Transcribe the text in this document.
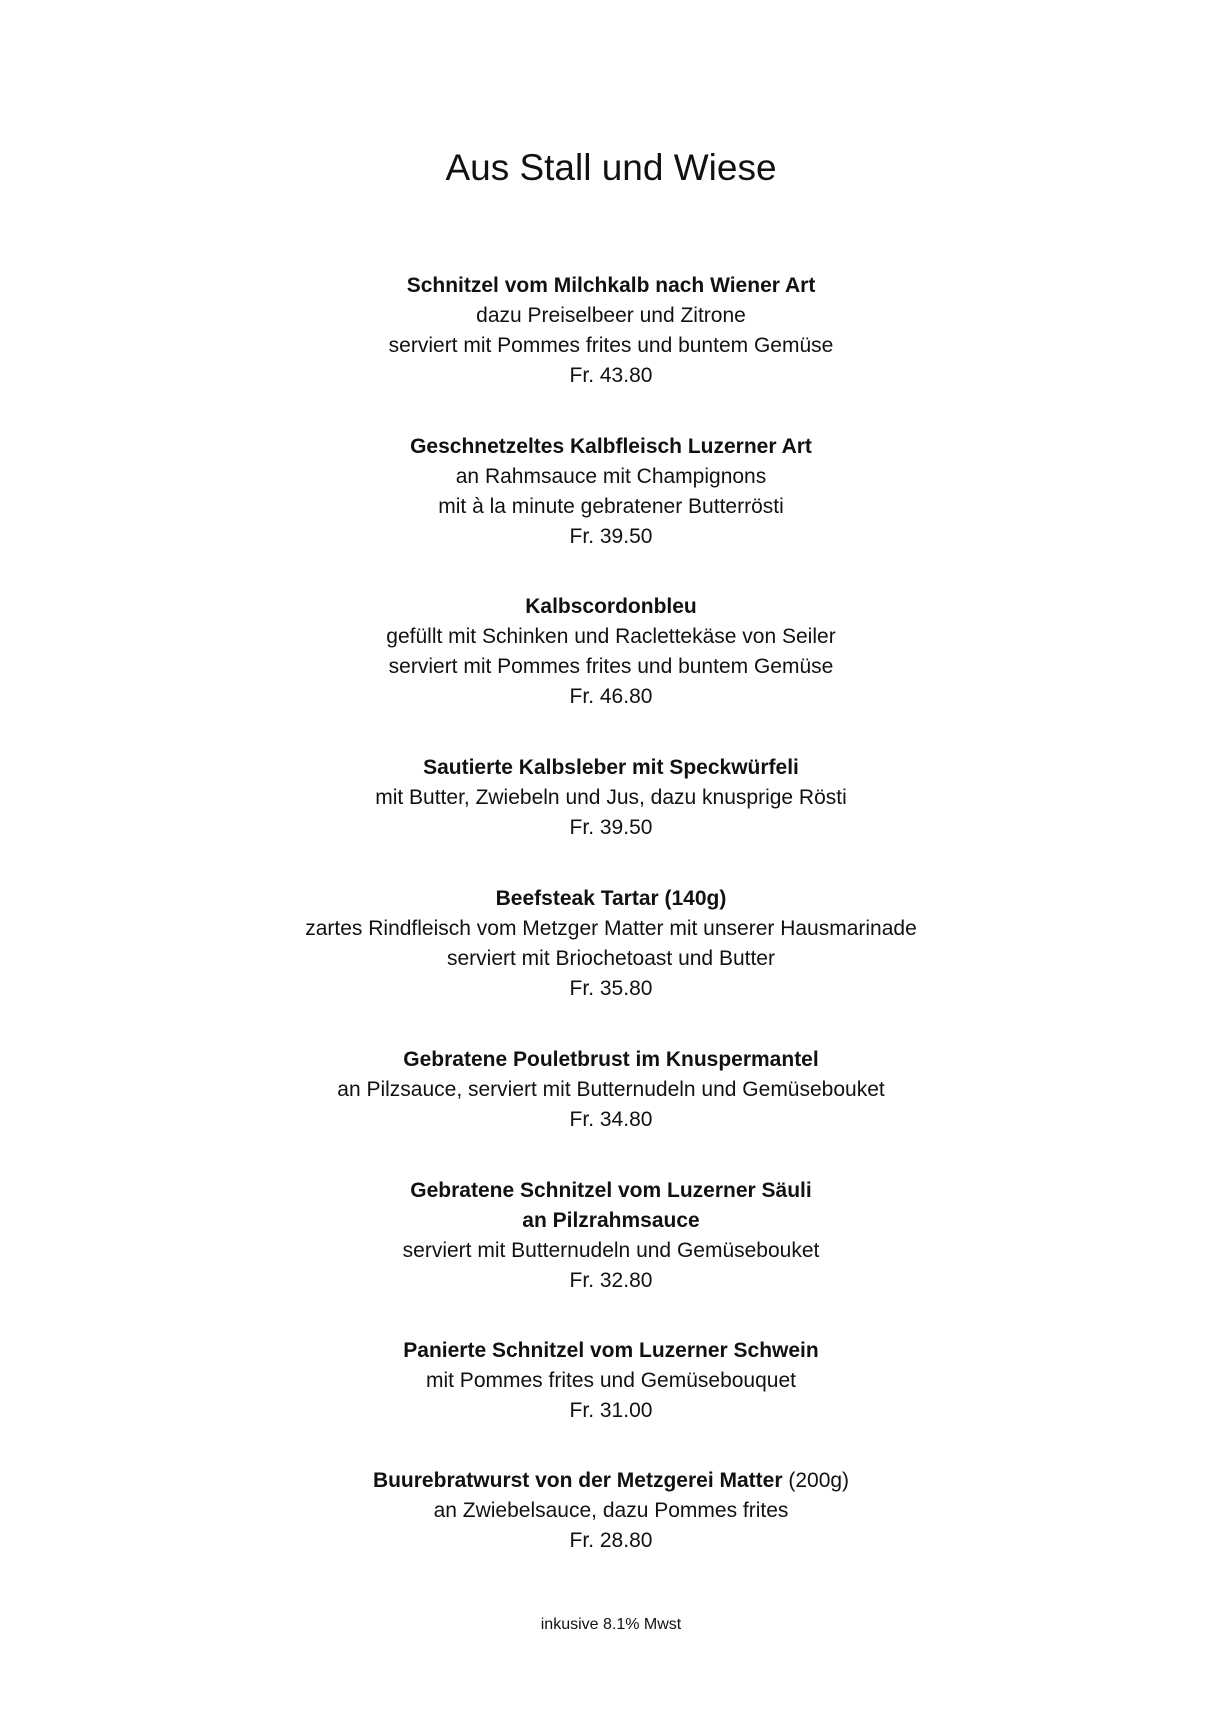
Aus Stall und Wiese
Schnitzel vom Milchkalb nach Wiener Art
dazu Preiselbeer und Zitrone
serviert mit Pommes frites und buntem Gemüse
Fr. 43.80
Geschnetzeltes Kalbfleisch Luzerner Art
an Rahmsauce mit Champignons
mit à la minute gebratener Butterrösti
Fr. 39.50
Kalbscordonbleu
gefüllt mit Schinken und Raclettekäse von Seiler
serviert mit Pommes frites und buntem Gemüse
Fr. 46.80
Sautierte Kalbsleber mit Speckwürfeli
mit Butter, Zwiebeln und Jus, dazu knusprige Rösti
Fr. 39.50
Beefsteak Tartar (140g)
zartes Rindfleisch vom Metzger Matter mit unserer Hausmarinade
serviert mit Briochetoast und Butter
Fr. 35.80
Gebratene Pouletbrust im Knuspermantel
an Pilzsauce, serviert mit Butternudeln und Gemüsebouket
Fr. 34.80
Gebratene Schnitzel vom Luzerner Säuli
an Pilzrahmsauce
serviert mit Butternudeln und Gemüsebouket
Fr. 32.80
Panierte Schnitzel vom Luzerner Schwein
mit Pommes frites und Gemüsebouquet
Fr. 31.00
Buurebratwurst von der Metzgerei Matter (200g)
an Zwiebelsauce, dazu Pommes frites
Fr. 28.80
inkusive 8.1% Mwst
